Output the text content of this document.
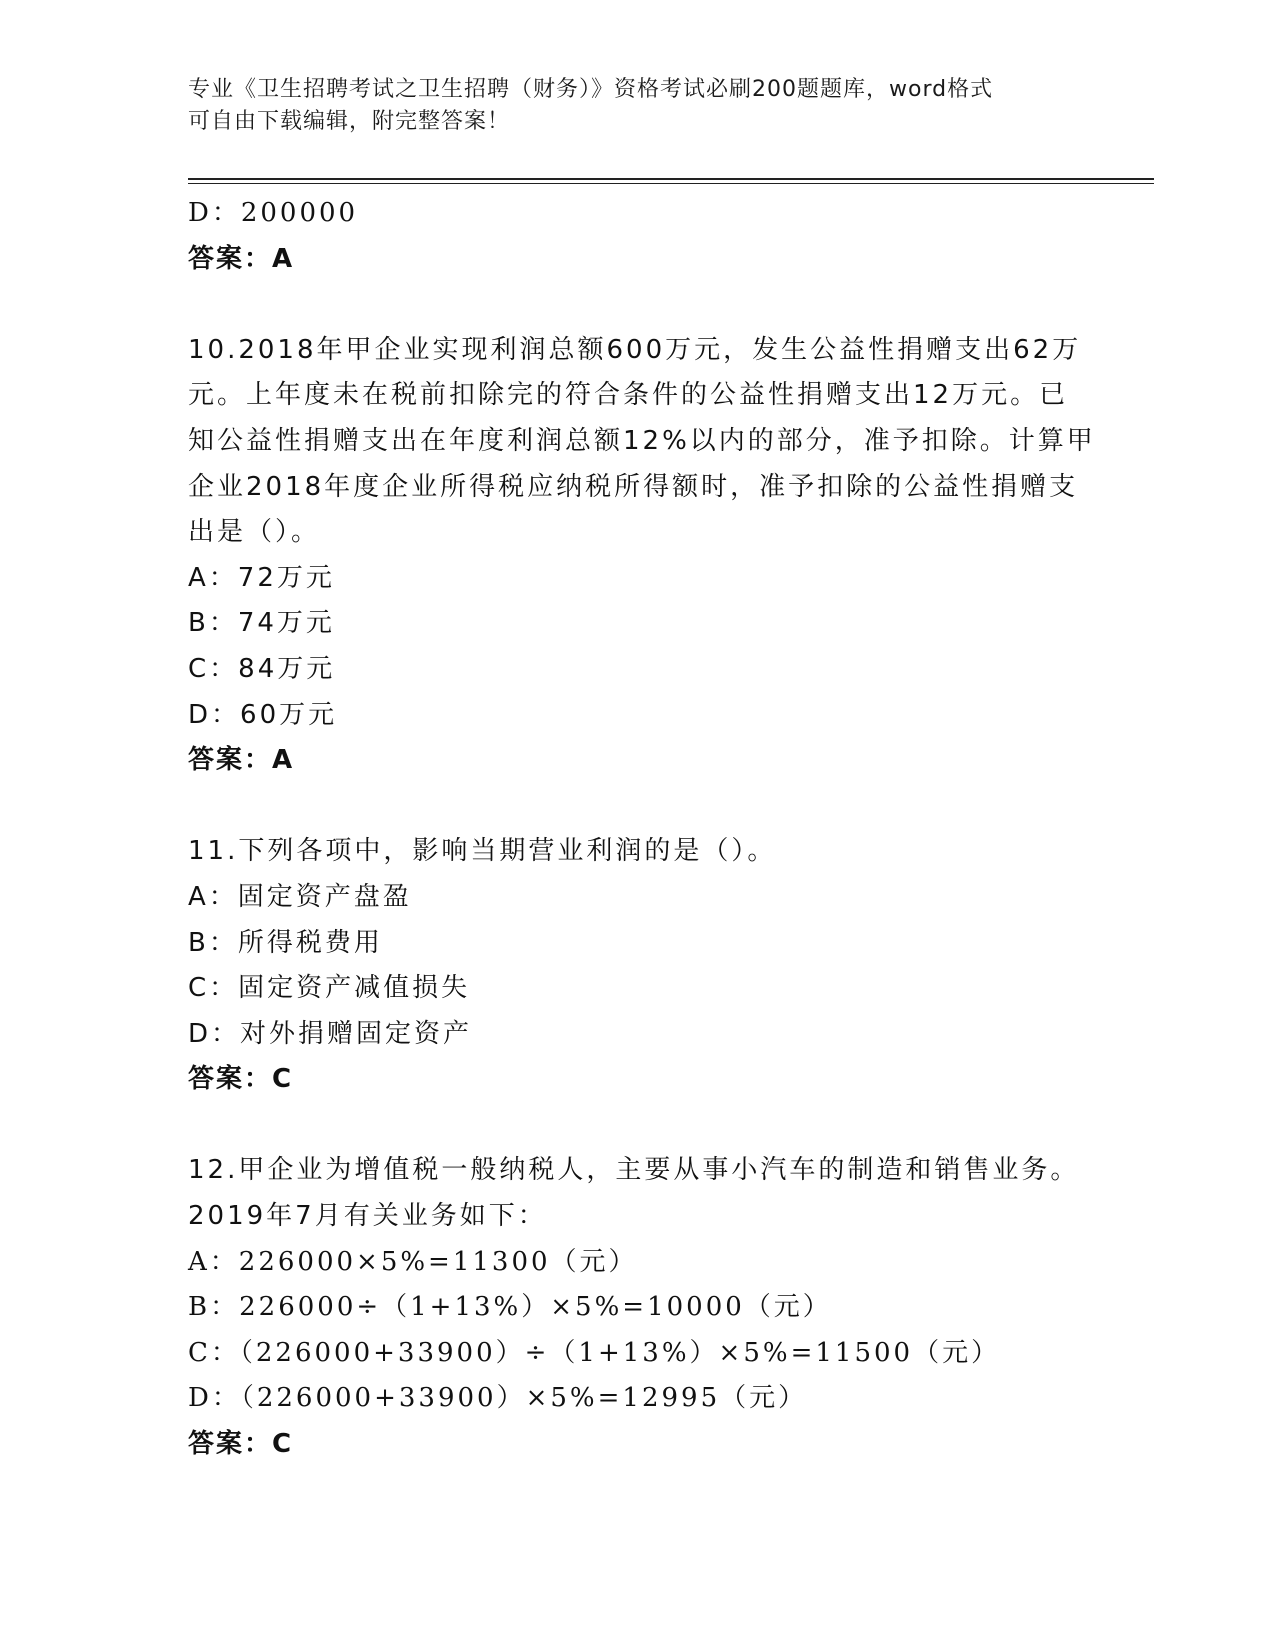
专业《卫生招聘考试之卫生招聘（财务）》资格考试必刷200题题库，word格式
可自由下载编辑，附完整答案！
D：200000
答案：A
10.2018年甲企业实现利润总额600万元，发生公益性捐赠支出62万
元。上年度未在税前扣除完的符合条件的公益性捐赠支出12万元。已
知公益性捐赠支出在年度利润总额12%以内的部分，准予扣除。计算甲
企业2018年度企业所得税应纳税所得额时，准予扣除的公益性捐赠支
出是（）。
A：72万元
B：74万元
C：84万元
D：60万元
答案：A
11.下列各项中，影响当期营业利润的是（）。
A：固定资产盘盈
B：所得税费用
C：固定资产减值损失
D：对外捐赠固定资产
答案：C
12.甲企业为增值税一般纳税人，主要从事小汽车的制造和销售业务。
2019年7月有关业务如下：
A：226000×5%=11300（元）
B：226000÷（1+13%）×5%=10000（元）
C：（226000+33900）÷（1+13%）×5%=11500（元）
D：（226000+33900）×5%=12995（元）
答案：C
